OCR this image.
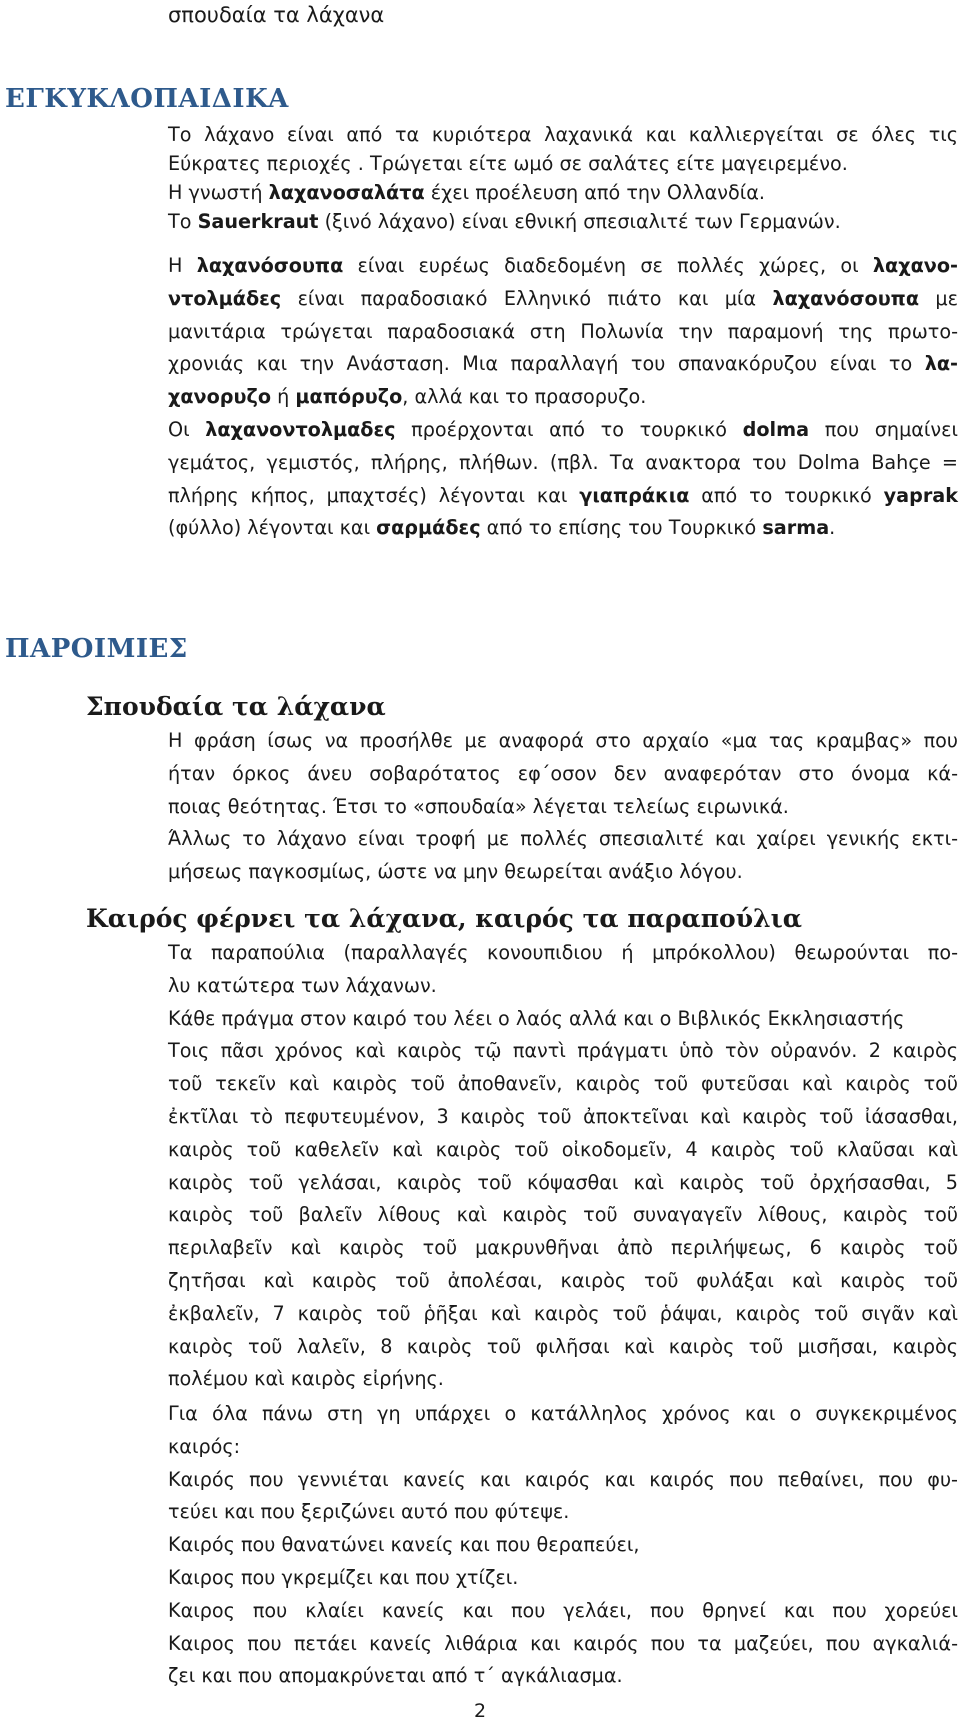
σπουδαία τα λάχανα
ΕΓΚΥΚΛΟΠΑΙΔΙΚΑ
Το λάχανο είναι από τα κυριότερα λαχανικά και καλλιεργείται σε όλες τις
Εύκρατες περιοχές . Τρώγεται είτε ωμό σε σαλάτες είτε μαγειρεμένο.
Η γνωστή λαχανοσαλάτα έχει προέλευση από την Ολλανδία.
Το Sauerkraut (ξινό λάχανο) είναι εθνική σπεσιαλιτέ των Γερμανών.
Η λαχανόσουπα είναι ευρέως διαδεδομένη σε πολλές χώρες, οι λαχανο-
ντολμάδες είναι παραδοσιακό Ελληνικό πιάτο και μία λαχανόσουπα με
μανιτάρια τρώγεται παραδοσιακά στη Πολωνία την παραμονή της πρωτο-
χρονιάς και την Ανάσταση. Μια παραλλαγή του σπανακόρυζου είναι το λα-
χανορυζο ή μαπόρυζο, αλλά και το πρασορυζο.
Οι λαχανοντολμαδες προέρχονται από το τουρκικό dolma που σημαίνει
γεμάτος, γεμιστός, πλήρης, πλήθων. (πβλ. Τα ανακτορα του Dolma Bahçe =
πλήρης κήπος, μπαχτσές) λέγονται και γιαπράκια από το τουρκικό yaprak
(φύλλο) λέγονται και σαρμάδες από το επίσης του Τουρκικό sarma.
ΠΑΡΟΙΜΙΕΣ
Σπουδαία τα λάχανα
Η φράση ίσως να προσήλθε με αναφορά στο αρχαίο «μα τας κραμβας» που
ήταν όρκος άνευ σοβαρότατος εφ΄οσον δεν αναφερόταν στο όνομα κά-
ποιας θεότητας. Έτσι το «σπουδαία» λέγεται τελείως ειρωνικά.
Άλλως το λάχανο είναι τροφή με πολλές σπεσιαλιτέ και χαίρει γενικής εκτι-
μήσεως παγκοσμίως, ώστε να μην θεωρείται ανάξιο λόγου.
Καιρός φέρνει τα λάχανα, καιρός τα παραπούλια
Τα παραπούλια (παραλλαγές κονουπιδιου ή μπρόκολλου) θεωρούνται πο-
λυ κατώτερα των λάχανων.
Κάθε πράγμα στον καιρό του λέει ο λαός αλλά και ο Βιβλικός Εκκλησιαστής
Τοις πᾶσι χρόνος καὶ καιρὸς τῷ παντὶ πράγματι ὑπὸ τὸν οὐρανόν. 2 καιρὸς
τοῦ τεκεῖν καὶ καιρὸς τοῦ ἀποθανεῖν, καιρὸς τοῦ φυτεῦσαι καὶ καιρὸς τοῦ
ἐκτῖλαι τὸ πεφυτευμένον, 3 καιρὸς τοῦ ἀποκτεῖναι καὶ καιρὸς τοῦ ἰάσασθαι,
καιρὸς τοῦ καθελεῖν καὶ καιρὸς τοῦ οἰκοδομεῖν, 4 καιρὸς τοῦ κλαῦσαι καὶ
καιρὸς τοῦ γελάσαι, καιρὸς τοῦ κόψασθαι καὶ καιρὸς τοῦ ὀρχήσασθαι, 5
καιρὸς τοῦ βαλεῖν λίθους καὶ καιρὸς τοῦ συναγαγεῖν λίθους, καιρὸς τοῦ
περιλαβεῖν καὶ καιρὸς τοῦ μακρυνθῆναι ἀπὸ περιλήψεως, 6 καιρὸς τοῦ
ζητῆσαι καὶ καιρὸς τοῦ ἀπολέσαι, καιρὸς τοῦ φυλάξαι καὶ καιρὸς τοῦ
ἐκβαλεῖν, 7 καιρὸς τοῦ ῥῆξαι καὶ καιρὸς τοῦ ῥάψαι, καιρὸς τοῦ σιγᾶν καὶ
καιρὸς τοῦ λαλεῖν, 8 καιρὸς τοῦ φιλῆσαι καὶ καιρὸς τοῦ μισῆσαι, καιρὸς
πολέμου καὶ καιρὸς εἰρήνης.
Για όλα πάνω στη γη υπάρχει ο κατάλληλος χρόνος και ο συγκεκριμένος
καιρός:
Καιρός που γεννιέται κανείς και καιρός και καιρός που πεθαίνει, που φυ-
τεύει και που ξεριζώνει αυτό που φύτεψε.
Καιρός που θανατώνει κανείς και που θεραπεύει,
Καιρος που γκρεμίζει και που χτίζει.
Καιρος που κλαίει κανείς και που γελάει, που θρηνεί και που χορεύει
Καιρος που πετάει κανείς λιθάρια και καιρός που τα μαζεύει, που αγκαλιά-
ζει και που απομακρύνεται από τ΄ αγκάλιασμα.
2
